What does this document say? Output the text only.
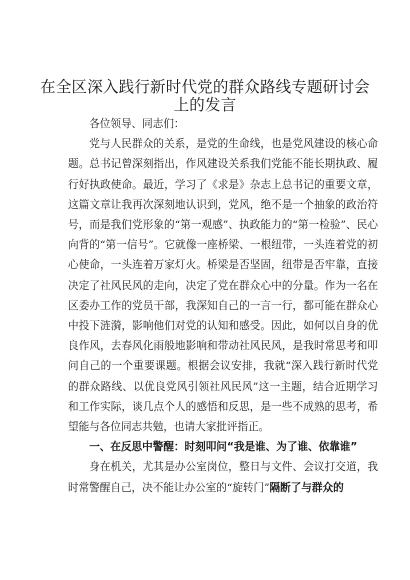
在全区深入践行新时代党的群众路线专题研讨会上的发言

各位领导、同志们：

党与人民群众的关系，是党的生命线，也是党风建设的核心命题。总书记曾深刻指出，作风建设关系我们党能不能长期执政、履行好执政使命。最近，学习了《求是》杂志上总书记的重要文章，这篇文章让我再次深刻地认识到，党风，绝不是一个抽象的政治符号，而是我们党形象的“第一观感”、执政能力的“第一检验”、民心向背的“第一信号”。它就像一座桥梁、一根纽带，一头连着党的初心使命，一头连着万家灯火。桥梁是否坚固，纽带是否牢靠，直接决定了社风民风的走向，决定了党在群众心中的分量。作为一名在区委办工作的党员干部，我深知自己的一言一行，都可能在群众心中投下涟漪，影响他们对党的认知和感受。因此，如何以自身的优良作风，去春风化雨般地影响和带动社风民风，是我时常思考和叩问自己的一个重要课题。根据会议安排，我就“深入践行新时代党的群众路线、以优良党风引领社风民风”这一主题，结合近期学习和工作实际，谈几点个人的感悟和反思，是一些不成熟的思考，希望能与各位同志共勉，也请大家批评指正。

一、在反思中警醒：时刻叩问“我是谁、为了谁、依靠谁”

身在机关，尤其是办公室岗位，整日与文件、会议打交道，我时常警醒自己，决不能让办公室的“旋转门”隔断了与群众的
